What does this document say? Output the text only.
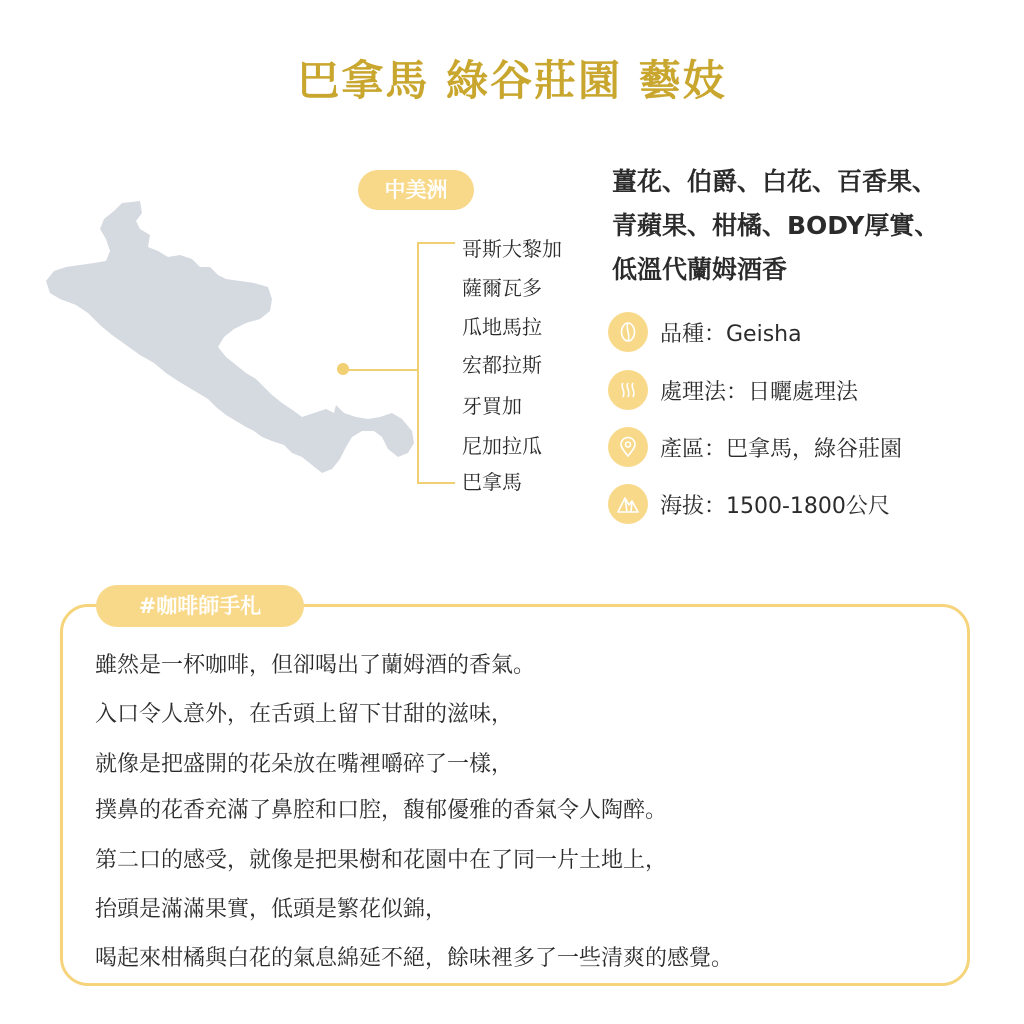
巴拿馬 綠谷莊園 藝妓
中美洲
哥斯大黎加
薩爾瓦多
瓜地馬拉
宏都拉斯
牙買加
尼加拉瓜
巴拿馬
薑花、伯爵、白花、百香果、
青蘋果、柑橘、BODY厚實、
低溫代蘭姆酒香
品種：Geisha
處理法：日曬處理法
產區：巴拿馬，綠谷莊園
海拔：1500-1800公尺
#咖啡師手札
雖然是一杯咖啡，但卻喝出了蘭姆酒的香氣。
入口令人意外，在舌頭上留下甘甜的滋味，
就像是把盛開的花朵放在嘴裡嚼碎了一樣，
撲鼻的花香充滿了鼻腔和口腔，馥郁優雅的香氣令人陶醉。
第二口的感受，就像是把果樹和花園中在了同一片土地上，
抬頭是滿滿果實，低頭是繁花似錦，
喝起來柑橘與白花的氣息綿延不絕，餘味裡多了一些清爽的感覺。
